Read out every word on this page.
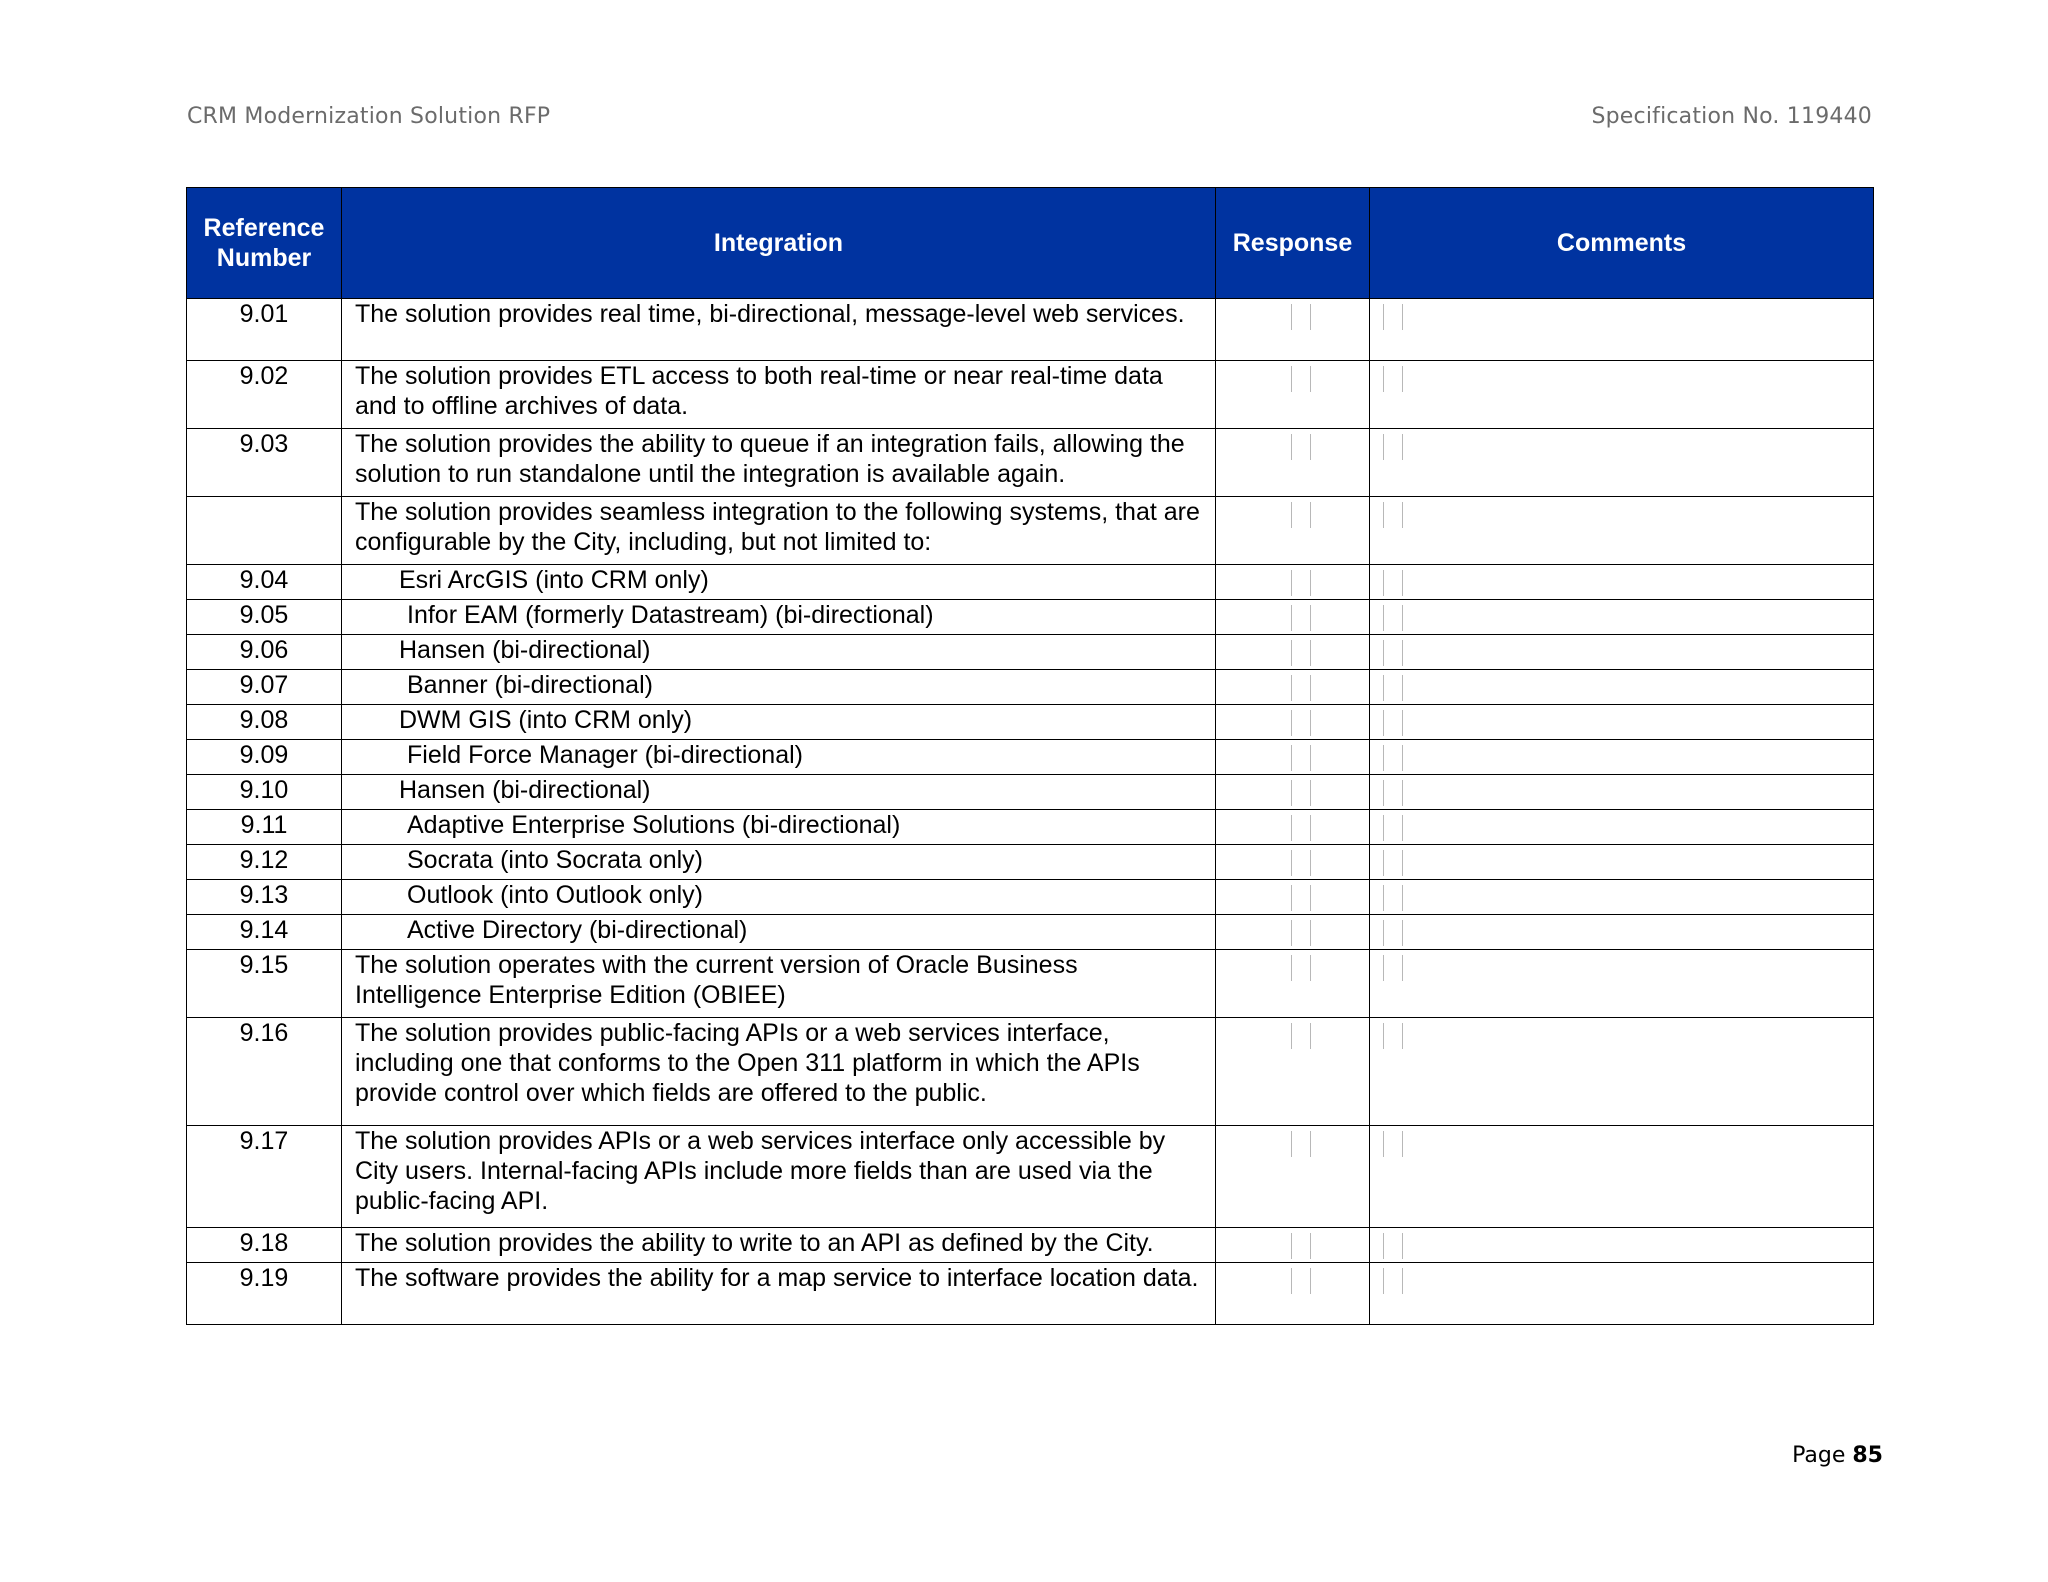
CRM Modernization Solution RFP	Specification No. 119440
Reference Number	Integration	Response	Comments
9.01	The solution provides real time, bi-directional, message-level web services.	

9.02	The solution provides ETL access to both real-time or near real-time data and to offline archives of data.	

9.03	The solution provides the ability to queue if an integration fails, allowing the solution to run standalone until the integration is available again.	

	The solution provides seamless integration to the following systems, that are configurable by the City, including, but not limited to:	

9.04	Esri ArcGIS (into CRM only)	

9.05	Infor EAM (formerly Datastream) (bi-directional)	

9.06	Hansen (bi-directional)	

9.07	Banner (bi-directional)	

9.08	DWM GIS (into CRM only)	

9.09	Field Force Manager (bi-directional)	

9.10	Hansen (bi-directional)	

9.11	Adaptive Enterprise Solutions (bi-directional)	

9.12	Socrata (into Socrata only)	

9.13	Outlook (into Outlook only)	

9.14	Active Directory (bi-directional)	

9.15	The solution operates with the current version of Oracle Business Intelligence Enterprise Edition (OBIEE)	

9.16	The solution provides public-facing APIs or a web services interface, including one that conforms to the Open 311 platform in which the APIs provide control over which fields are offered to the public.	

9.17	The solution provides APIs or a web services interface only accessible by City users. Internal-facing APIs include more fields than are used via the public-facing API.	

9.18	The solution provides the ability to write to an API as defined by the City.	

9.19	The software provides the ability for a map service to interface location data.	

Page 85
